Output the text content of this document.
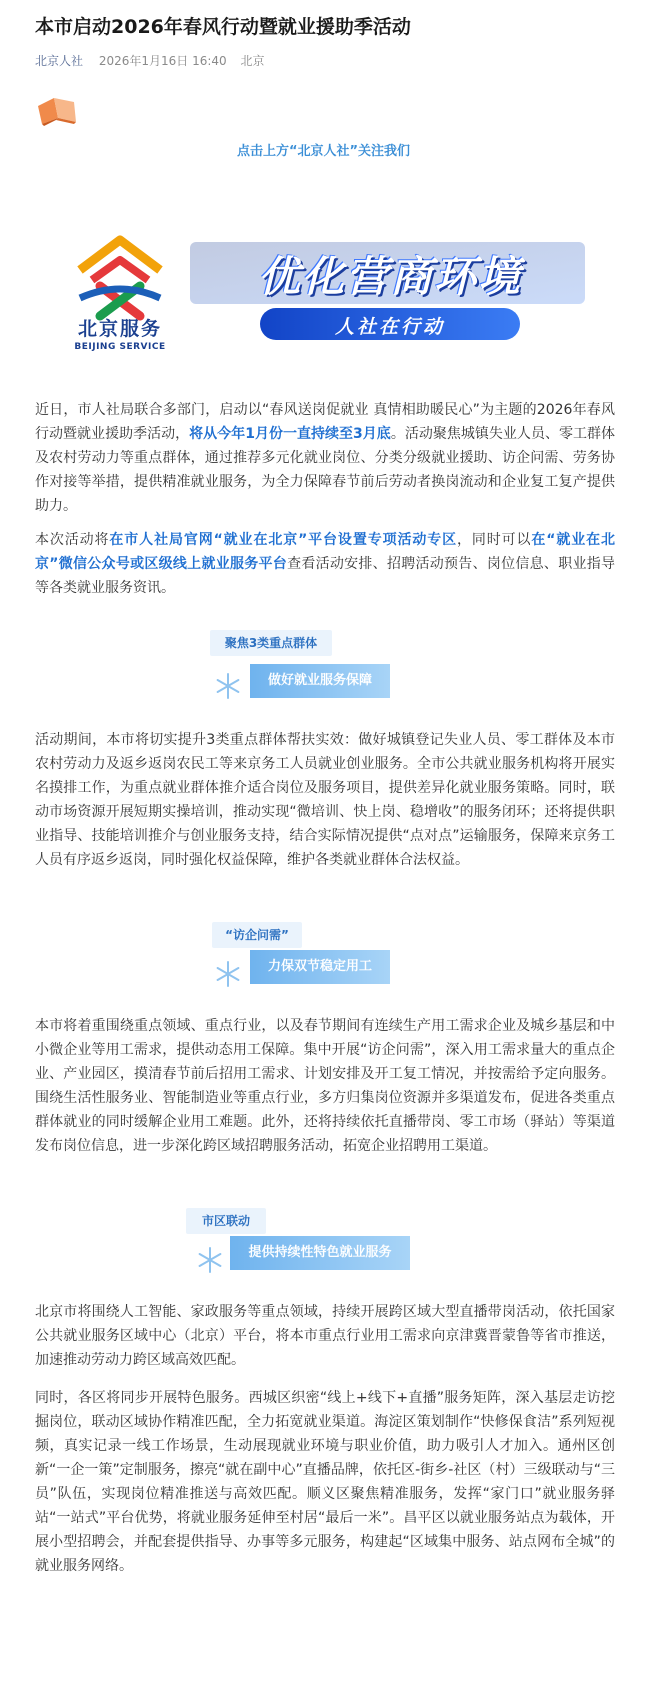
本市启动2026年春风行动暨就业援助季活动
北京人社 2026年1月16日 16:40 北京
点击上方“北京人社”关注我们
北京服务
BEIJING SERVICE
优化营商环境
人社在行动

近日，市人社局联合多部门，启动以“春风送岗促就业 真情相助暖民心”为主题的2026年春风行动暨就业援助季活动，将从今年1月份一直持续至3月底。活动聚焦城镇失业人员、零工群体及农村劳动力等重点群体，通过推荐多元化就业岗位、分类分级就业援助、访企问需、劳务协作对接等举措，提供精准就业服务，为全力保障春节前后劳动者换岗流动和企业复工复产提供助力。

本次活动将在市人社局官网“就业在北京”平台设置专项活动专区，同时可以在“就业在北京”微信公众号或区级线上就业服务平台查看活动安排、招聘活动预告、岗位信息、职业指导等各类就业服务资讯。

聚焦3类重点群体
做好就业服务保障

活动期间，本市将切实提升3类重点群体帮扶实效：做好城镇登记失业人员、零工群体及本市农村劳动力及返乡返岗农民工等来京务工人员就业创业服务。全市公共就业服务机构将开展实名摸排工作，为重点就业群体推介适合岗位及服务项目，提供差异化就业服务策略。同时，联动市场资源开展短期实操培训，推动实现“微培训、快上岗、稳增收”的服务闭环；还将提供职业指导、技能培训推介与创业服务支持，结合实际情况提供“点对点”运输服务，保障来京务工人员有序返乡返岗，同时强化权益保障，维护各类就业群体合法权益。

“访企问需”
力保双节稳定用工

本市将着重围绕重点领域、重点行业，以及春节期间有连续生产用工需求企业及城乡基层和中小微企业等用工需求，提供动态用工保障。集中开展“访企问需”，深入用工需求量大的重点企业、产业园区，摸清春节前后招用工需求、计划安排及开工复工情况，并按需给予定向服务。围绕生活性服务业、智能制造业等重点行业，多方归集岗位资源并多渠道发布，促进各类重点群体就业的同时缓解企业用工难题。此外，还将持续依托直播带岗、零工市场（驿站）等渠道发布岗位信息，进一步深化跨区域招聘服务活动，拓宽企业招聘用工渠道。

市区联动
提供持续性特色就业服务

北京市将围绕人工智能、家政服务等重点领域，持续开展跨区域大型直播带岗活动，依托国家公共就业服务区域中心（北京）平台，将本市重点行业用工需求向京津冀晋蒙鲁等省市推送，加速推动劳动力跨区域高效匹配。

同时，各区将同步开展特色服务。西城区织密“线上+线下+直播”服务矩阵，深入基层走访挖掘岗位，联动区域协作精准匹配，全力拓宽就业渠道。海淀区策划制作“快修保食洁”系列短视频，真实记录一线工作场景，生动展现就业环境与职业价值，助力吸引人才加入。通州区创新“一企一策”定制服务，擦亮“就在副中心”直播品牌，依托区-街乡-社区（村）三级联动与“三员”队伍，实现岗位精准推送与高效匹配。顺义区聚焦精准服务，发挥“家门口”就业服务驿站“一站式”平台优势，将就业服务延伸至村居“最后一米”。昌平区以就业服务站点为载体，开展小型招聘会，并配套提供指导、办事等多元服务，构建起“区域集中服务、站点网布全城”的就业服务网络。
